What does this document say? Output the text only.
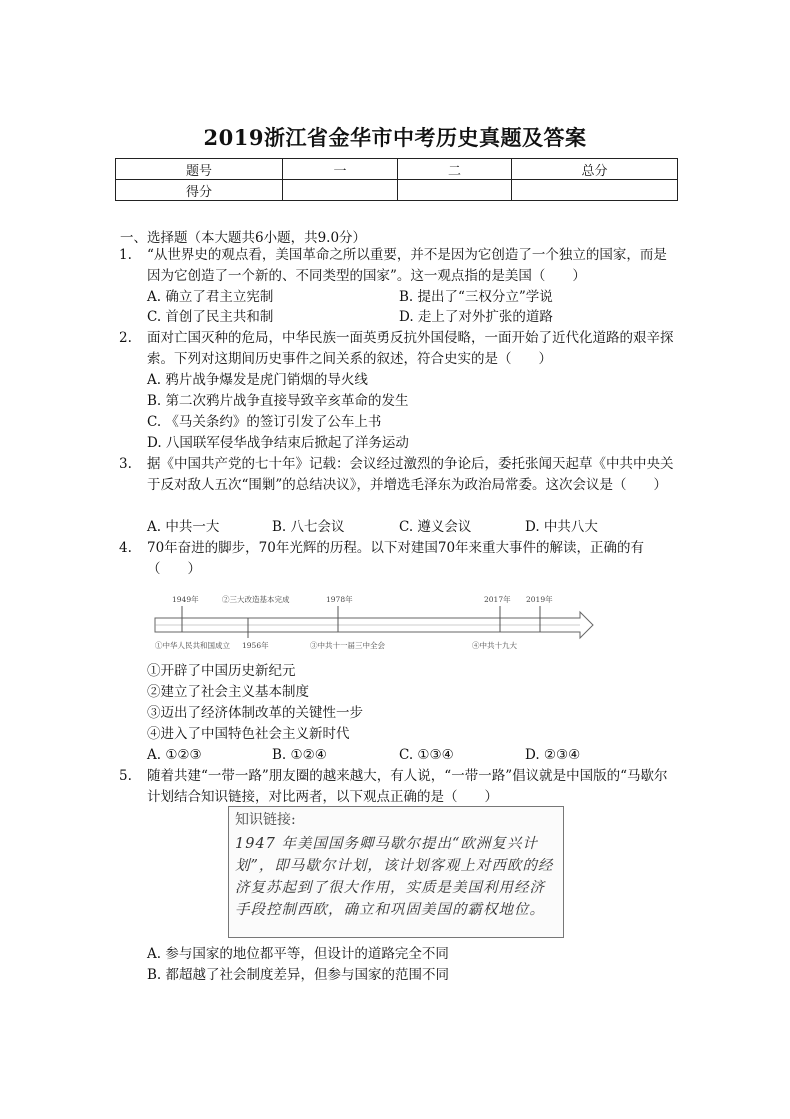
2019浙江省金华市中考历史真题及答案
题号	一	二	总分
得分			
一、选择题（本大题共6小题，共9.0分）
1.	“从世界史的观点看，美国革命之所以重要，并不是因为它创造了一个独立的国家，而是因为它创造了一个新的、不同类型的国家”。这一观点指的是美国（　　）
A. 确立了君主立宪制	B. 提出了“三权分立”学说
C. 首创了民主共和制	D. 走上了对外扩张的道路
2.	面对亡国灭种的危局，中华民族一面英勇反抗外国侵略，一面开始了近代化道路的艰辛探索。下列对这期间历史事件之间关系的叙述，符合史实的是（　　）
A. 鸦片战争爆发是虎门销烟的导火线
B. 第二次鸦片战争直接导致辛亥革命的发生
C. 《马关条约》的签订引发了公车上书
D. 八国联军侵华战争结束后掀起了洋务运动
3.	据《中国共产党的七十年》记载：会议经过激烈的争论后，委托张闻天起草《中共中央关于反对敌人五次“围剿”的总结决议》，并增选毛泽东为政治局常委。这次会议是（　　）
A. 中共一大	B. 八七会议	C. 遵义会议	D. 中共八大
4.	70年奋进的脚步，70年光辉的历程。以下对建国70年来重大事件的解读，正确的有（　　）
1949年	②三大改造基本完成	1978年	2017年 2019年
①中华人民共和国成立 1956年	③中共十一届三中全会	④中共十九大
①开辟了中国历史新纪元
②建立了社会主义基本制度
③迈出了经济体制改革的关键性一步
④进入了中国特色社会主义新时代
A. ①②③	B. ①②④	C. ①③④	D. ②③④
5.	随着共建“一带一路”朋友圈的越来越大，有人说，“一带一路”倡议就是中国版的“马歇尔计划结合知识链接，对比两者，以下观点正确的是（　　）
知识链接:
1947 年美国国务卿马歇尔提出“欧洲复兴计划”，即马歇尔计划，该计划客观上对西欧的经济复苏起到了很大作用，实质是美国利用经济手段控制西欧，确立和巩固美国的霸权地位。
A. 参与国家的地位都平等，但设计的道路完全不同
B. 都超越了社会制度差异，但参与国家的范围不同
